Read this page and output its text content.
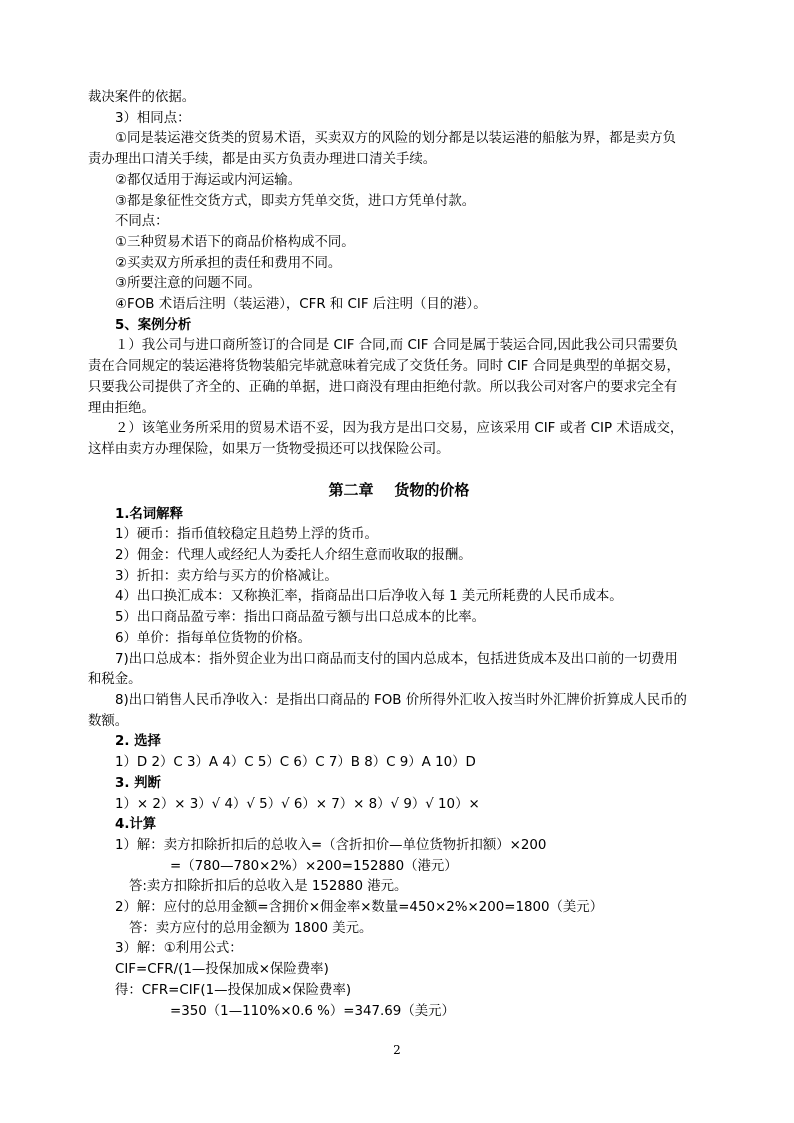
裁决案件的依据。
3）相同点：
①同是装运港交货类的贸易术语，买卖双方的风险的划分都是以装运港的船舷为界，都是卖方负
责办理出口清关手续，都是由买方负责办理进口清关手续。
②都仅适用于海运或内河运输。
③都是象征性交货方式，即卖方凭单交货，进口方凭单付款。
不同点：
①三种贸易术语下的商品价格构成不同。
②买卖双方所承担的责任和费用不同。
③所要注意的问题不同。
④FOB 术语后注明（装运港），CFR 和 CIF 后注明（目的港）。
5、案例分析
１）我公司与进口商所签订的合同是 CIF 合同,而 CIF 合同是属于装运合同,因此我公司只需要负
责在合同规定的装运港将货物装船完毕就意味着完成了交货任务。同时 CIF 合同是典型的单据交易，
只要我公司提供了齐全的、正确的单据，进口商没有理由拒绝付款。所以我公司对客户的要求完全有
理由拒绝。
２）该笔业务所采用的贸易术语不妥，因为我方是出口交易，应该采用 CIF 或者 CIP 术语成交，
这样由卖方办理保险，如果万一货物受损还可以找保险公司。
第二章    货物的价格
1.名词解释
1）硬币：指币值较稳定且趋势上浮的货币。
2）佣金：代理人或经纪人为委托人介绍生意而收取的报酬。
3）折扣：卖方给与买方的价格减让。
4）出口换汇成本：又称换汇率，指商品出口后净收入每 1 美元所耗费的人民币成本。
5）出口商品盈亏率：指出口商品盈亏额与出口总成本的比率。
6）单价：指每单位货物的价格。
7)出口总成本：指外贸企业为出口商品而支付的国内总成本，包括进货成本及出口前的一切费用
和税金。
8)出口销售人民币净收入：是指出口商品的 FOB 价所得外汇收入按当时外汇牌价折算成人民币的
数额。
2. 选择
1）D 2）C 3）A 4）C 5）C 6）C 7）B 8）C 9）A 10）D
3. 判断
1）× 2）× 3）√ 4）√ 5）√ 6）× 7）× 8）√ 9）√ 10）×
4.计算
1）解：卖方扣除折扣后的总收入=（含折扣价—单位货物折扣额）×200
=（780—780×2%）×200=152880（港元）
答:卖方扣除折扣后的总收入是 152880 港元。
2）解：应付的总用金额=含拥价×佣金率×数量=450×2%×200=1800（美元）
答：卖方应付的总用金额为 1800 美元。
3）解：①利用公式：
CIF=CFR/(1—投保加成×保险费率)
得：CFR=CIF(1—投保加成×保险费率)
=350（1—110%×0.6 %）=347.69（美元）
2
